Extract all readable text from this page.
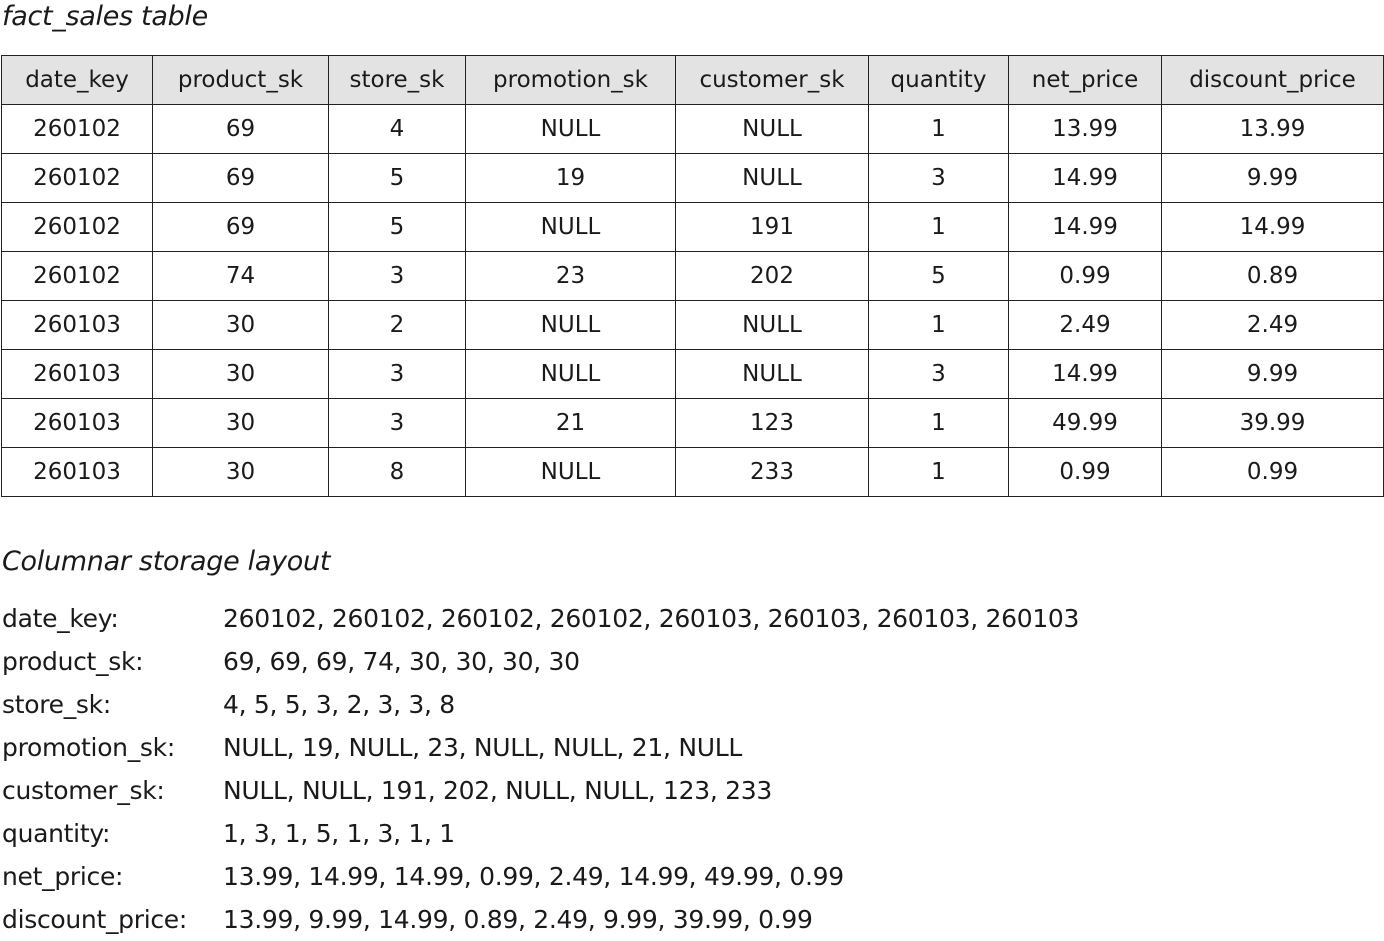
fact_sales table
date_key	product_sk	store_sk	promotion_sk	customer_sk	quantity	net_price	discount_price
260102	69	4	NULL	NULL	1	13.99	13.99
260102	69	5	19	NULL	3	14.99	9.99
260102	69	5	NULL	191	1	14.99	14.99
260102	74	3	23	202	5	0.99	0.89
260103	30	2	NULL	NULL	1	2.49	2.49
260103	30	3	NULL	NULL	3	14.99	9.99
260103	30	3	21	123	1	49.99	39.99
260103	30	8	NULL	233	1	0.99	0.99
Columnar storage layout
date_key:	260102, 260102, 260102, 260102, 260103, 260103, 260103, 260103
product_sk:	69, 69, 69, 74, 30, 30, 30, 30
store_sk:	4, 5, 5, 3, 2, 3, 3, 8
promotion_sk:	NULL, 19, NULL, 23, NULL, NULL, 21, NULL
customer_sk:	NULL, NULL, 191, 202, NULL, NULL, 123, 233
quantity:	1, 3, 1, 5, 1, 3, 1, 1
net_price:	13.99, 14.99, 14.99, 0.99, 2.49, 14.99, 49.99, 0.99
discount_price:	13.99, 9.99, 14.99, 0.89, 2.49, 9.99, 39.99, 0.99
